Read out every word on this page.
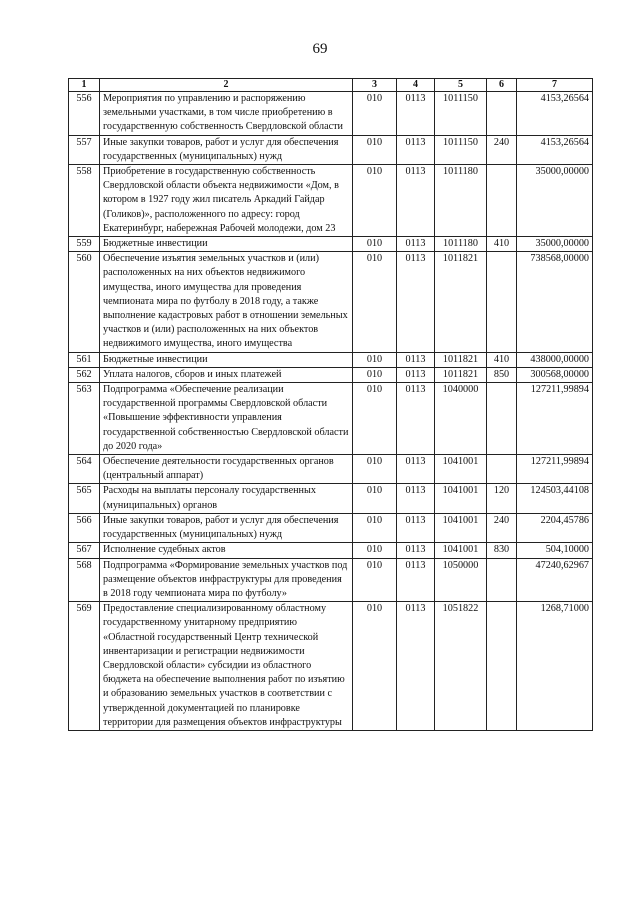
69
1	2	3	4	5	6	7
556	Мероприятия по управлению и распоряжению земельными участками, в том числе приобретению в государственную собственность Свердловской области	010	0113	1011150		4153,26564
557	Иные закупки товаров, работ и услуг для обеспечения государственных (муниципальных) нужд	010	0113	1011150	240	4153,26564
558	Приобретение в государственную собственность Свердловской области объекта недвижимости «Дом, в котором в 1927 году жил писатель Аркадий Гайдар (Голиков)», расположенного по адресу: город Екатеринбург, набережная Рабочей молодежи, дом 23	010	0113	1011180		35000,00000
559	Бюджетные инвестиции	010	0113	1011180	410	35000,00000
560	Обеспечение изъятия земельных участков и (или) расположенных на них объектов недвижимого имущества, иного имущества для проведения чемпионата мира по футболу в 2018 году, а также выполнение кадастровых работ в отношении земельных участков и (или) расположенных на них объектов недвижимого имущества, иного имущества	010	0113	1011821		738568,00000
561	Бюджетные инвестиции	010	0113	1011821	410	438000,00000
562	Уплата налогов, сборов и иных платежей	010	0113	1011821	850	300568,00000
563	Подпрограмма «Обеспечение реализации государственной программы Свердловской области «Повышение эффективности управления государственной собственностью Свердловской области до 2020 года»	010	0113	1040000		127211,99894
564	Обеспечение деятельности государственных органов (центральный аппарат)	010	0113	1041001		127211,99894
565	Расходы на выплаты персоналу государственных (муниципальных) органов	010	0113	1041001	120	124503,44108
566	Иные закупки товаров, работ и услуг для обеспечения государственных (муниципальных) нужд	010	0113	1041001	240	2204,45786
567	Исполнение судебных актов	010	0113	1041001	830	504,10000
568	Подпрограмма «Формирование земельных участков под размещение объектов инфраструктуры для проведения в 2018 году чемпионата мира по футболу»	010	0113	1050000		47240,62967
569	Предоставление специализированному областному государственному унитарному предприятию «Областной государственный Центр технической инвентаризации и регистрации недвижимости Свердловской области» субсидии из областного бюджета на обеспечение выполнения работ по изъятию и образованию земельных участков в соответствии с утвержденной документацией по планировке территории для размещения объектов инфраструктуры	010	0113	1051822		1268,71000
